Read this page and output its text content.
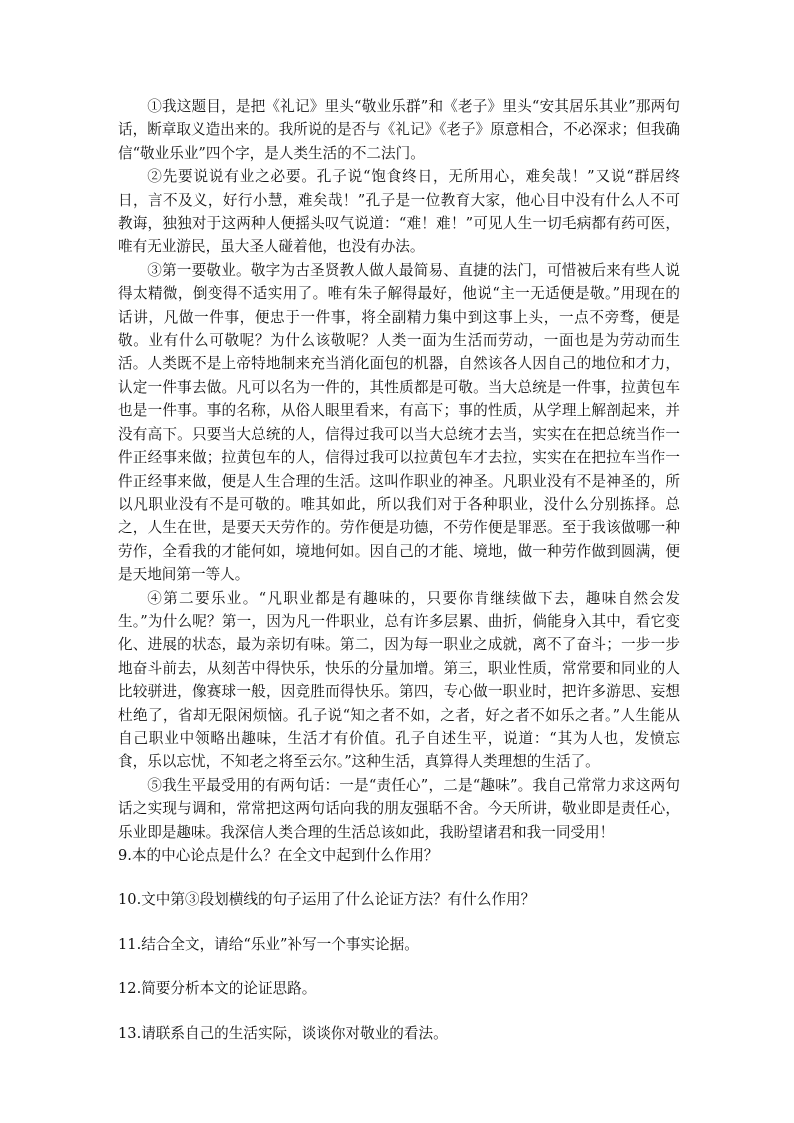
①我这题目，是把《礼记》里头“敬业乐群”和《老子》里头“安其居乐其业”那两句话，断章取义造出来的。我所说的是否与《礼记》《老子》原意相合，不必深求；但我确信“敬业乐业”四个字，是人类生活的不二法门。

②先要说说有业之必要。孔子说“饱食终日，无所用心，难矣哉！”又说“群居终日，言不及义，好行小慧，难矣哉！”孔子是一位教育大家，他心目中没有什么人不可教诲，独独对于这两种人便摇头叹气说道：“难！难！”可见人生一切毛病都有药可医，唯有无业游民，虽大圣人碰着他，也没有办法。

③第一要敬业。敬字为古圣贤教人做人最简易、直捷的法门，可惜被后来有些人说得太精微，倒变得不适实用了。唯有朱子解得最好，他说“主一无适便是敬。”用现在的话讲，凡做一件事，便忠于一件事，将全副精力集中到这事上头，一点不旁骛，便是敬。业有什么可敬呢？为什么该敬呢？人类一面为生活而劳动，一面也是为劳动而生活。人类既不是上帝特地制来充当消化面包的机器，自然该各人因自己的地位和才力，认定一件事去做。凡可以名为一件的，其性质都是可敬。当大总统是一件事，拉黄包车也是一件事。事的名称，从俗人眼里看来，有高下；事的性质，从学理上解剖起来，并没有高下。只要当大总统的人，信得过我可以当大总统才去当，实实在在把总统当作一件正经事来做；拉黄包车的人，信得过我可以拉黄包车才去拉，实实在在把拉车当作一件正经事来做，便是人生合理的生活。这叫作职业的神圣。凡职业没有不是神圣的，所以凡职业没有不是可敬的。唯其如此，所以我们对于各种职业，没什么分别拣择。总之，人生在世，是要天天劳作的。劳作便是功德，不劳作便是罪恶。至于我该做哪一种劳作，全看我的才能何如，境地何如。因自己的才能、境地，做一种劳作做到圆满，便是天地间第一等人。

④第二要乐业。“凡职业都是有趣味的，只要你肯继续做下去，趣味自然会发生。”为什么呢？第一，因为凡一件职业，总有许多层累、曲折，倘能身入其中，看它变化、进展的状态，最为亲切有味。第二，因为每一职业之成就，离不了奋斗；一步一步地奋斗前去，从刻苦中得快乐，快乐的分量加增。第三，职业性质，常常要和同业的人比较骈进，像赛球一般，因竞胜而得快乐。第四，专心做一职业时，把许多游思、妄想杜绝了，省却无限闲烦恼。孔子说“知之者不如，之者，好之者不如乐之者。”人生能从自己职业中领略出趣味，生活才有价值。孔子自述生平，说道：“其为人也，发愤忘食，乐以忘忧，不知老之将至云尔。”这种生活，真算得人类理想的生活了。

⑤我生平最受用的有两句话：一是“责任心”，二是“趣味”。我自己常常力求这两句话之实现与调和，常常把这两句话向我的朋友强聒不舍。今天所讲，敬业即是责任心，乐业即是趣味。我深信人类合理的生活总该如此，我盼望诸君和我一同受用！

9.本的中心论点是什么？在全文中起到什么作用？

10.文中第③段划横线的句子运用了什么论证方法？有什么作用？

11.结合全文，请给“乐业”补写一个事实论据。

12.简要分析本文的论证思路。

13.请联系自己的生活实际，谈谈你对敬业的看法。
